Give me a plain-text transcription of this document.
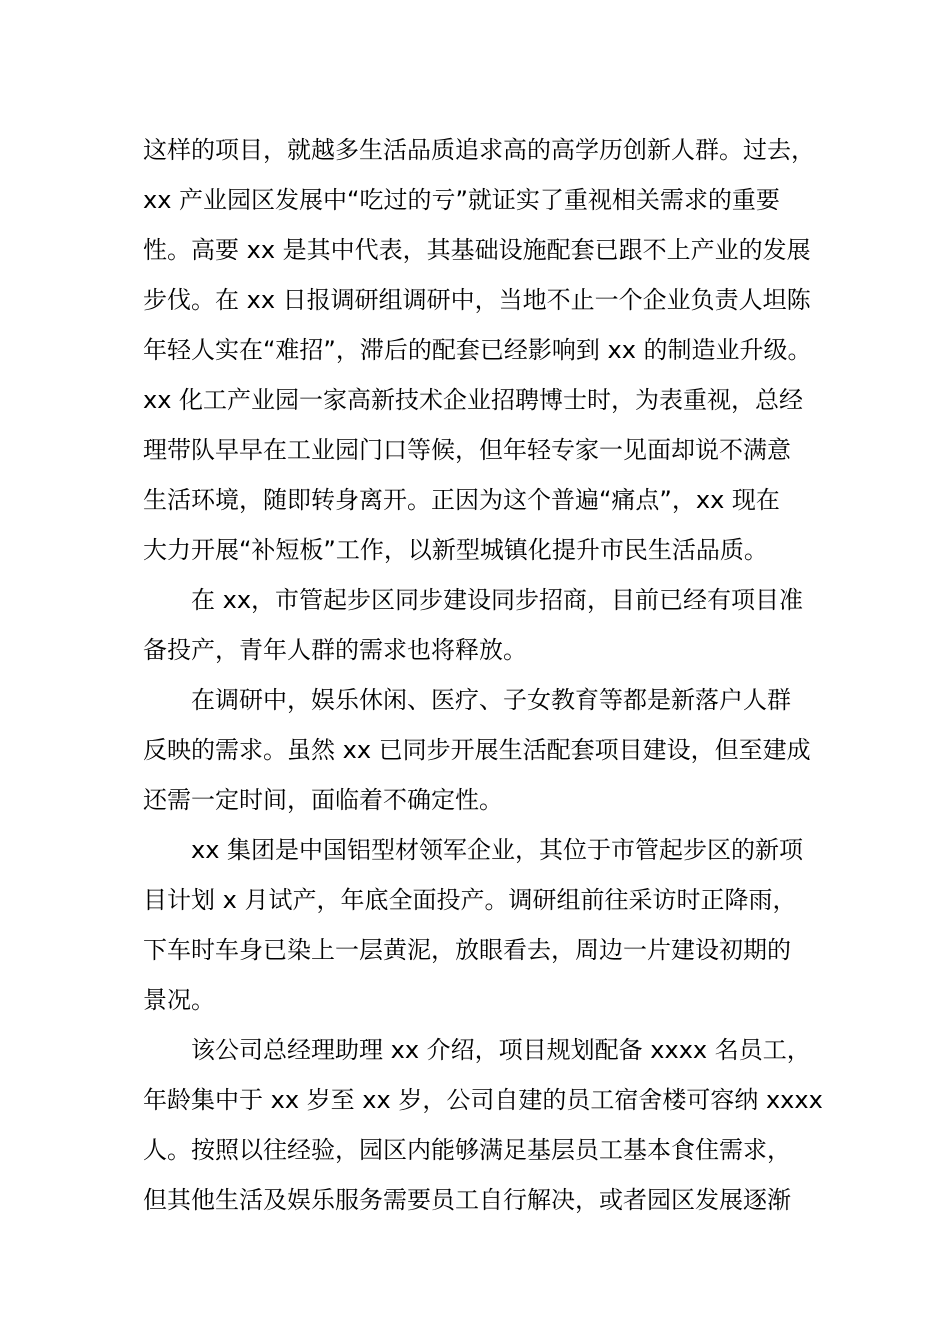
这样的项目，就越多生活品质追求高的高学历创新人群。过去，
xx 产业园区发展中“吃过的亏”就证实了重视相关需求的重要
性。高要 xx 是其中代表，其基础设施配套已跟不上产业的发展
步伐。在 xx 日报调研组调研中，当地不止一个企业负责人坦陈
年轻人实在“难招”，滞后的配套已经影响到 xx 的制造业升级。
xx 化工产业园一家高新技术企业招聘博士时，为表重视，总经
理带队早早在工业园门口等候，但年轻专家一见面却说不满意
生活环境，随即转身离开。正因为这个普遍“痛点”，xx 现在
大力开展“补短板”工作，以新型城镇化提升市民生活品质。
在 xx，市管起步区同步建设同步招商，目前已经有项目准
备投产，青年人群的需求也将释放。
在调研中，娱乐休闲、医疗、子女教育等都是新落户人群
反映的需求。虽然 xx 已同步开展生活配套项目建设，但至建成
还需一定时间，面临着不确定性。
xx 集团是中国铝型材领军企业，其位于市管起步区的新项
目计划 x 月试产，年底全面投产。调研组前往采访时正降雨，
下车时车身已染上一层黄泥，放眼看去，周边一片建设初期的
景况。
该公司总经理助理 xx 介绍，项目规划配备 xxxx 名员工，
年龄集中于 xx 岁至 xx 岁，公司自建的员工宿舍楼可容纳 xxxx
人。按照以往经验，园区内能够满足基层员工基本食住需求，
但其他生活及娱乐服务需要员工自行解决，或者园区发展逐渐
